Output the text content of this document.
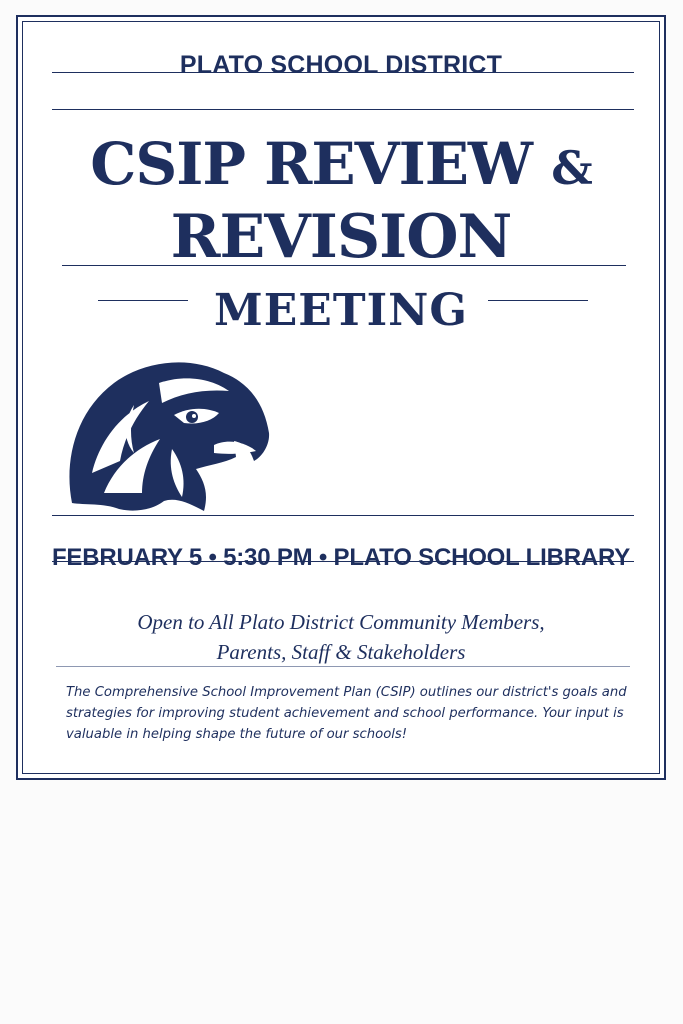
PLATO SCHOOL DISTRICT
CSIP REVIEW &
REVISION
MEETING
FEBRUARY 5 • 5:30 PM • PLATO SCHOOL LIBRARY
Open to All Plato District Community Members,
Parents, Staff & Stakeholders
The Comprehensive School Improvement Plan (CSIP) outlines our district's goals and strategies for improving student achievement and school performance. Your input is valuable in helping shape the future of our schools!
